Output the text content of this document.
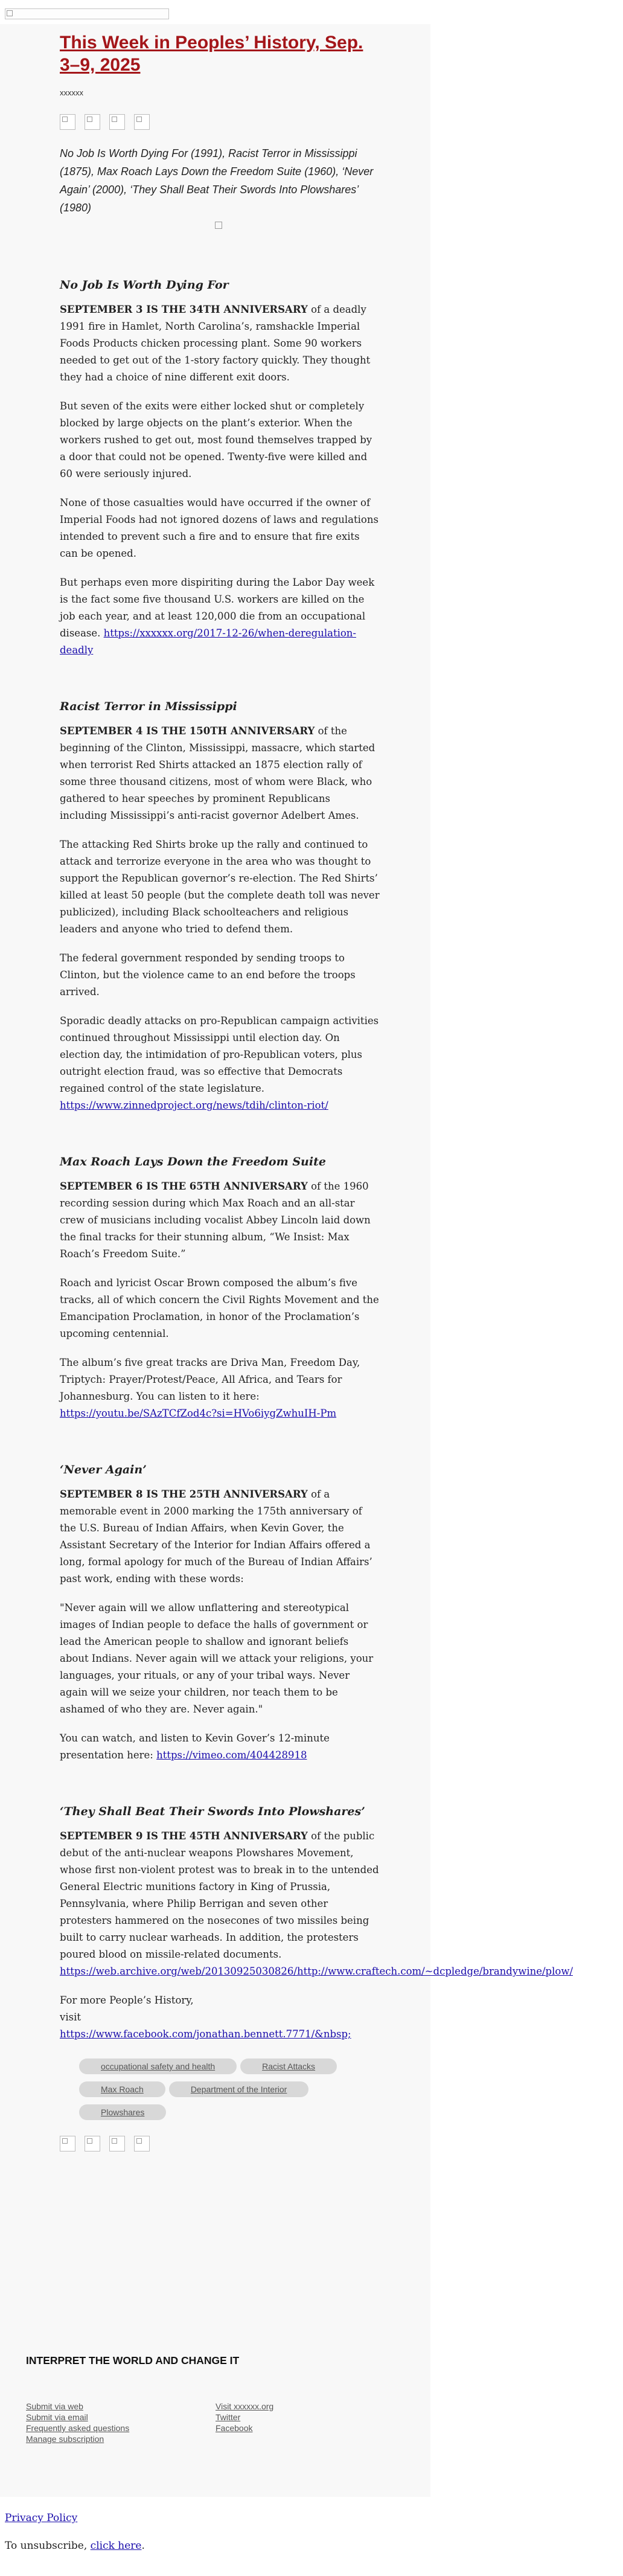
This Week in Peoples’ History, Sep. 3–9, 2025
xxxxxx
No Job Is Worth Dying For (1991), Racist Terror in Mississippi (1875), Max Roach Lays Down the Freedom Suite (1960), ‘Never Again’ (2000), ‘They Shall Beat Their Swords Into Plowshares’ (1980)
No Job Is Worth Dying For

SEPTEMBER 3 IS THE 34TH ANNIVERSARY of a deadly 1991 fire in Hamlet, North Carolina’s, ramshackle Imperial Foods Products chicken processing plant. Some 90 workers needed to get out of the 1-story factory quickly. They thought they had a choice of nine different exit doors.

But seven of the exits were either locked shut or completely blocked by large objects on the plant’s exterior. When the workers rushed to get out, most found themselves trapped by a door that could not be opened. Twenty-five were killed and 60 were seriously injured.

None of those casualties would have occurred if the owner of Imperial Foods had not ignored dozens of laws and regulations intended to prevent such a fire and to ensure that fire exits can be opened.

But perhaps even more dispiriting during the Labor Day week is the fact some five thousand U.S. workers are killed on the job each year, and at least 120,000 die from an occupational disease. https://xxxxxx.org/2017-12-26/when-deregulation-deadly

Racist Terror in Mississippi

SEPTEMBER 4 IS THE 150TH ANNIVERSARY of the beginning of the Clinton, Mississippi, massacre, which started when terrorist Red Shirts attacked an 1875 election rally of some three thousand citizens, most of whom were Black, who gathered to hear speeches by prominent Republicans including Mississippi’s anti-racist governor Adelbert Ames.

The attacking Red Shirts broke up the rally and continued to attack and terrorize everyone in the area who was thought to support the Republican governor’s re-election. The Red Shirts’ killed at least 50 people (but the complete death toll was never publicized), including Black schoolteachers and religious leaders and anyone who tried to defend them.

The federal government responded by sending troops to Clinton, but the violence came to an end before the troops arrived.

Sporadic deadly attacks on pro-Republican campaign activities continued throughout Mississippi until election day. On election day, the intimidation of pro-Republican voters, plus outright election fraud, was so effective that Democrats regained control of the state legislature. https://www.zinnedproject.org/news/tdih/clinton-riot/

Max Roach Lays Down the Freedom Suite

SEPTEMBER 6 IS THE 65TH ANNIVERSARY of the 1960 recording session during which Max Roach and an all-star crew of musicians including vocalist Abbey Lincoln laid down the final tracks for their stunning album, “We Insist: Max Roach’s Freedom Suite.”

Roach and lyricist Oscar Brown composed the album’s five tracks, all of which concern the Civil Rights Movement and the Emancipation Proclamation, in honor of the Proclamation’s upcoming centennial.

The album’s five great tracks are Driva Man, Freedom Day, Triptych: Prayer/Protest/Peace, All Africa, and Tears for Johannesburg. You can listen to it here: https://youtu.be/SAzTCfZod4c?si=HVo6iygZwhuIH-Pm

‘Never Again’

SEPTEMBER 8 IS THE 25TH ANNIVERSARY of a memorable event in 2000 marking the 175th anniversary of the U.S. Bureau of Indian Affairs, when Kevin Gover, the Assistant Secretary of the Interior for Indian Affairs offered a long, formal apology for much of the Bureau of Indian Affairs’ past work, ending with these words:

"Never again will we allow unflattering and stereotypical images of Indian people to deface the halls of government or lead the American people to shallow and ignorant beliefs about Indians. Never again will we attack your religions, your languages, your rituals, or any of your tribal ways. Never again will we seize your children, nor teach them to be ashamed of who they are. Never again."

You can watch, and listen to Kevin Gover’s 12-minute presentation here: https://vimeo.com/404428918

‘They Shall Beat Their Swords Into Plowshares’

SEPTEMBER 9 IS THE 45TH ANNIVERSARY of the public debut of the anti-nuclear weapons Plowshares Movement, whose first non-violent protest was to break in to the untended General Electric munitions factory in King of Prussia, Pennsylvania, where Philip Berrigan and seven other protesters hammered on the nosecones of two missiles being built to carry nuclear warheads. In addition, the protesters poured blood on missile-related documents. https://web.archive.org/web/20130925030826/http://www.craftech.com/~dcpledge/brandywine/plow/

For more People’s History,
visit
https://www.facebook.com/jonathan.bennett.7771/&nbsp;

occupational safety and health	Racist AttacksMax Roach	Department of the InteriorPlowshares
INTERPRET THE WORLD AND CHANGE IT
Submit via web
Submit via email
Frequently asked questions
Manage subscription
Visit xxxxxx.org
Twitter
Facebook
Privacy Policy
To unsubscribe, click here.
